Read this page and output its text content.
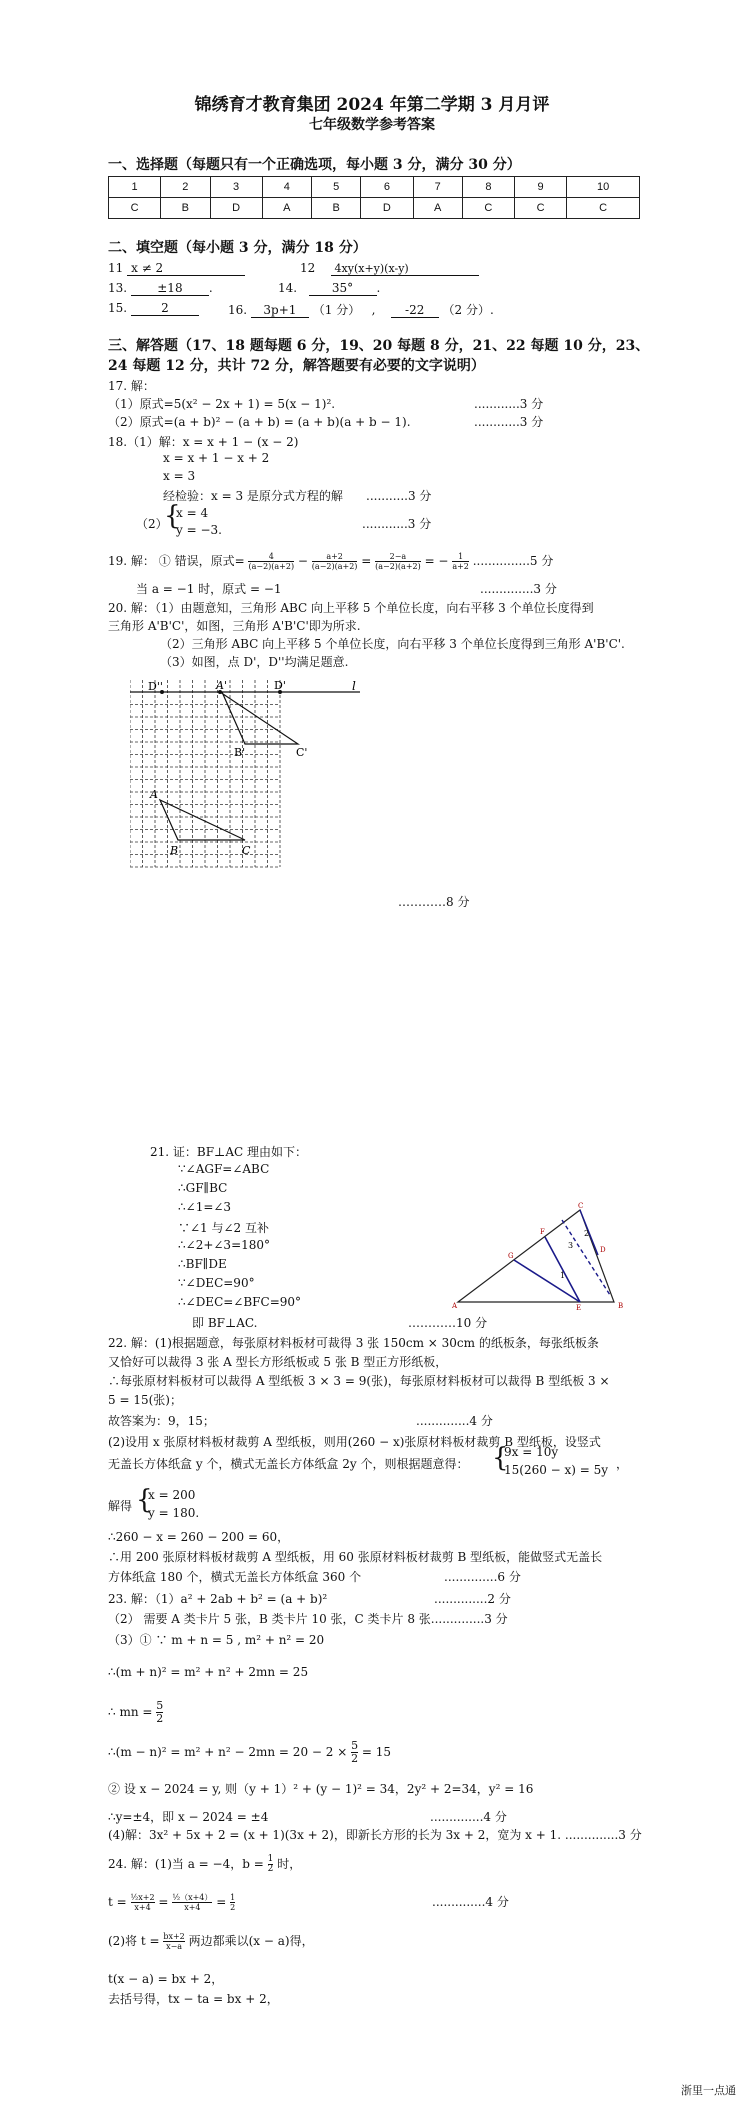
锦绣育才教育集团 2024 年第二学期 3 月月评
七年级数学参考答案
一、选择题（每题只有一个正确选项，每小题 3 分，满分 30 分）
1	2	3	4	5	6	7	8	9	10
C	B	D	A	B	D	A	C	C	C
二、填空题（每小题 3 分，满分 18 分）
11 x ≠ 2	12 4xy(x+y)(x-y)
13.	±18 .	14.	35° .
15.	2	16. 3p+1 （1 分）   ,    -22 （2 分）.
三、解答题（17、18 题每题 6 分，19、20 每题 8 分，21、22 每题 10 分，23、
24 每题 12 分，共计 72 分，解答题要有必要的文字说明）
17. 解：
（1）原式=5(x² − 2x + 1) = 5(x − 1)².	............3 分
（2）原式=(a + b)² − (a + b) = (a + b)(a + b − 1).	............3 分
18.（1）解：x = x + 1 − (x − 2)
x = x + 1 − x + 2
x = 3
经检验：x = 3 是原分式方程的解 ...........3 分
（2）
{
x = 4
y = −3.	............3 分
19. 解： ① 错误，原式= $\frac{4}{(a-2)(a+2)} - \frac{a+2}{(a-2)(a+2)} = \frac{2-a}{(a-2)(a+2)}$ = − $\frac{1}{a+2} ...............5$ 分
当 a = −1 时，原式 = −1	..............3 分
20. 解：（1）由题意知，三角形 ABC 向上平移 5 个单位长度，向右平移 3 个单位长度得到
三角形 A'B'C'，如图，三角形 A'B'C'即为所求.
（2）三角形 ABC 向上平移 5 个单位长度，向右平移 3 个单位长度得到三角形 A'B'C'.
（3）如图，点 D'，D''均满足题意.
D''	A'	D'	l
B'	C'
A
B	C
…………8 分
21. 证：BF⊥AC 理由如下：
∵∠AGF=∠ABC
∴GF∥BC
∴∠1=∠3
∵∠1 与∠2 互补
∴∠2+∠3=180°
∴BF∥DE
∵∠DEC=90°
∴∠DEC=∠BFC=90°
即 BF⊥AC.	…………10 分
C
F
G
D
1
2
3
A	B
E
22. 解：(1)根据题意，每张原材料板材可裁得 3 张 150cm × 30cm 的纸板条，每张纸板条
又恰好可以裁得 3 张 A 型长方形纸板或 5 张 B 型正方形纸板，
∴每张原材料板材可以裁得 A 型纸板 3 × 3 = 9(张)，每张原材料板材可以裁得 B 型纸板 3 ×
5 = 15(张)；
故答案为：9，15；	..............4 分
(2)设用 x 张原材料板材裁剪 A 型纸板，则用(260 − x)张原材料板材裁剪 B 型纸板，设竖式
无盖长方体纸盒 y 个，横式无盖长方体纸盒 2y 个，则根据题意得： {
9x = 10y
15(260 − x) = 5y ，
解得 {
x = 200
y = 180.
∴260 − x = 260 − 200 = 60，
∴用 200 张原材料板材裁剪 A 型纸板，用 60 张原材料板材裁剪 B 型纸板，能做竖式无盖长
方体纸盒 180 个，横式无盖长方体纸盒 360 个	..............6 分
23. 解：（1）a² + 2ab + b² = (a + b)²	..............2 分
（2） 需要 A 类卡片 5 张，B 类卡片 10 张，C 类卡片 8 张..............3 分
（3）① ∵ m + n = 5 , m² + n² = 20
∴(m + n)² = m² + n² + 2mn = 25
∴ mn = $\frac{5}{2}$
∴(m − $n)^2 = m^2 + n^2 - 2mn = 20 - 2 \times \frac{5}{2} = 15$
② 设 x − 2024 = y, 则（y + 1）² + (y − 1)² = 34，2y² + 2=34，y² = 16
∴y=±4，即 x − 2024 = ±4	..............4 分
(4)解：3x² + 5x + 2 = (x + 1)(3x + 2)，即新长方形的长为 3x + 2，宽为 x + 1. ..............3 分
24. 解：(1)当 a = −4，$b = \frac{1}{2}$ 时，
$t = \frac{\text{½x+2}}{x+4} = \frac{\text{½（x+4）}}{x+4} = \frac{1}{2}$	..............4 分
(2)将 $t = \frac{bx+2}{x-a}$ 两边都乘以(x − a)得，
t(x − a) = bx + 2，
去括号得，tx − ta = bx + 2，
浙里一点通
